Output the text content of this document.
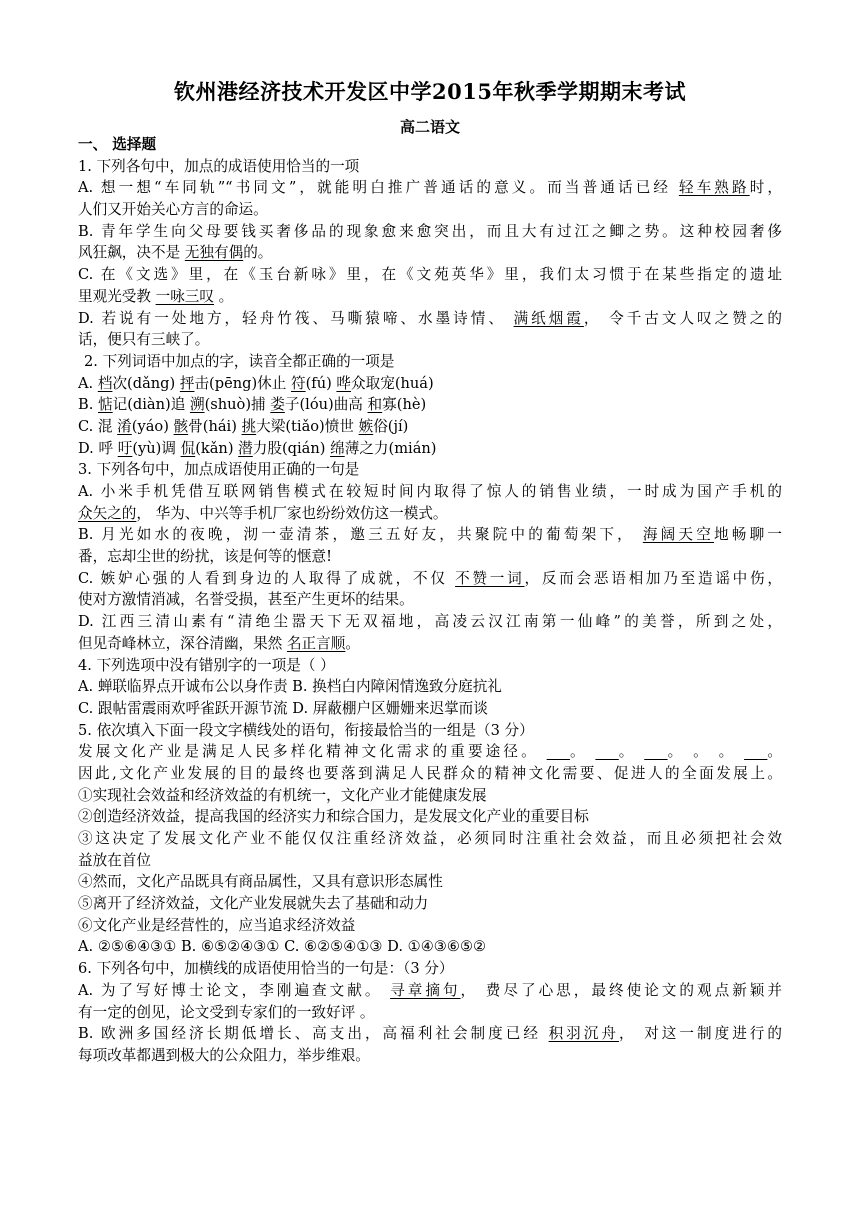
钦州港经济技术开发区中学2015年秋季学期期末考试
高二语文
一、 选择题
1. 下列各句中，加点的成语使用恰当的一项
A. 想一想“车同轨”“书同文”，就能明白推广普通话的意义。而当普通话已经 轻车熟路时，
人们又开始关心方言的命运。
B. 青年学生向父母要钱买奢侈品的现象愈来愈突出，而且大有过江之鲫之势。这种校园奢侈
风狂飙，决不是 无独有偶的。
C. 在《文选》里，在《玉台新咏》里，在《文苑英华》里，我们太习惯于在某些指定的遗址
里观光受教 一咏三叹 。
D. 若说有一处地方，轻舟竹筏、马嘶猿啼、水墨诗情、 满纸烟霞， 令千古文人叹之赞之的
话，便只有三峡了。
2. 下列词语中加点的字，读音全都正确的一项是
A. 档次(dǎng) 抨击(pēng)休止 符(fú) 哗众取宠(huá)
B. 惦记(diàn)追 溯(shuò)捕 娄子(lóu)曲高 和寡(hè)
C. 混 淆(yáo) 骸骨(hái) 挑大梁(tiǎo)愤世 嫉俗(jí)
D. 呼 吁(yù)调 侃(kǎn) 潜力股(qián) 绵薄之力(mián)
3. 下列各句中，加点成语使用正确的一句是
A. 小米手机凭借互联网销售模式在较短时间内取得了惊人的销售业绩，一时成为国产手机的
众矢之的， 华为、中兴等手机厂家也纷纷效仿这一模式。
B. 月光如水的夜晚，沏一壶清茶，邀三五好友，共聚院中的葡萄架下， 海阔天空地畅聊一
番，忘却尘世的纷扰，该是何等的惬意!
C. 嫉妒心强的人看到身边的人取得了成就，不仅 不赞一词，反而会恶语相加乃至造谣中伤，
使对方激情消减，名誉受损，甚至产生更坏的结果。
D. 江西三清山素有“清绝尘嚣天下无双福地，高凌云汉江南第一仙峰”的美誉，所到之处，
但见奇峰林立，深谷清幽，果然 名正言顺。
4. 下列选项中没有错别字的一项是（ ）
A. 蝉联临界点开诚布公以身作责 B. 换档白内障闲情逸致分庭抗礼
C. 跟帖雷震雨欢呼雀跃开源节流 D. 屏蔽棚户区姗姗来迟掌而谈
5. 依次填入下面一段文字横线处的语句，衔接最恰当的一组是（3 分）
发展文化产业是满足人民多样化精神文化需求的重要途径。    。    。    。 。 。    。
因此,文化产业发展的目的最终也要落到满足人民群众的精神文化需要、促进人的全面发展上。
①实现社会效益和经济效益的有机统一，文化产业才能健康发展
②创造经济效益，提高我国的经济实力和综合国力，是发展文化产业的重要目标
③这决定了发展文化产业不能仅仅注重经济效益，必须同时注重社会效益，而且必须把社会效
益放在首位
④然而，文化产品既具有商品属性，又具有意识形态属性
⑤离开了经济效益，文化产业发展就失去了基础和动力
⑥文化产业是经营性的，应当追求经济效益
A. ②⑤⑥④③① B. ⑥⑤②④③① C. ⑥②⑤④①③ D. ①④③⑥⑤②
6. 下列各句中，加横线的成语使用恰当的一句是：（3 分）
A. 为了写好博士论文，李刚遍查文献。 寻章摘句， 费尽了心思，最终使论文的观点新颖并
有一定的创见，论文受到专家们的一致好评 。
B. 欧洲多国经济长期低增长、高支出，高福利社会制度已经 积羽沉舟， 对这一制度进行的
每项改革都遇到极大的公众阻力，举步维艰。
